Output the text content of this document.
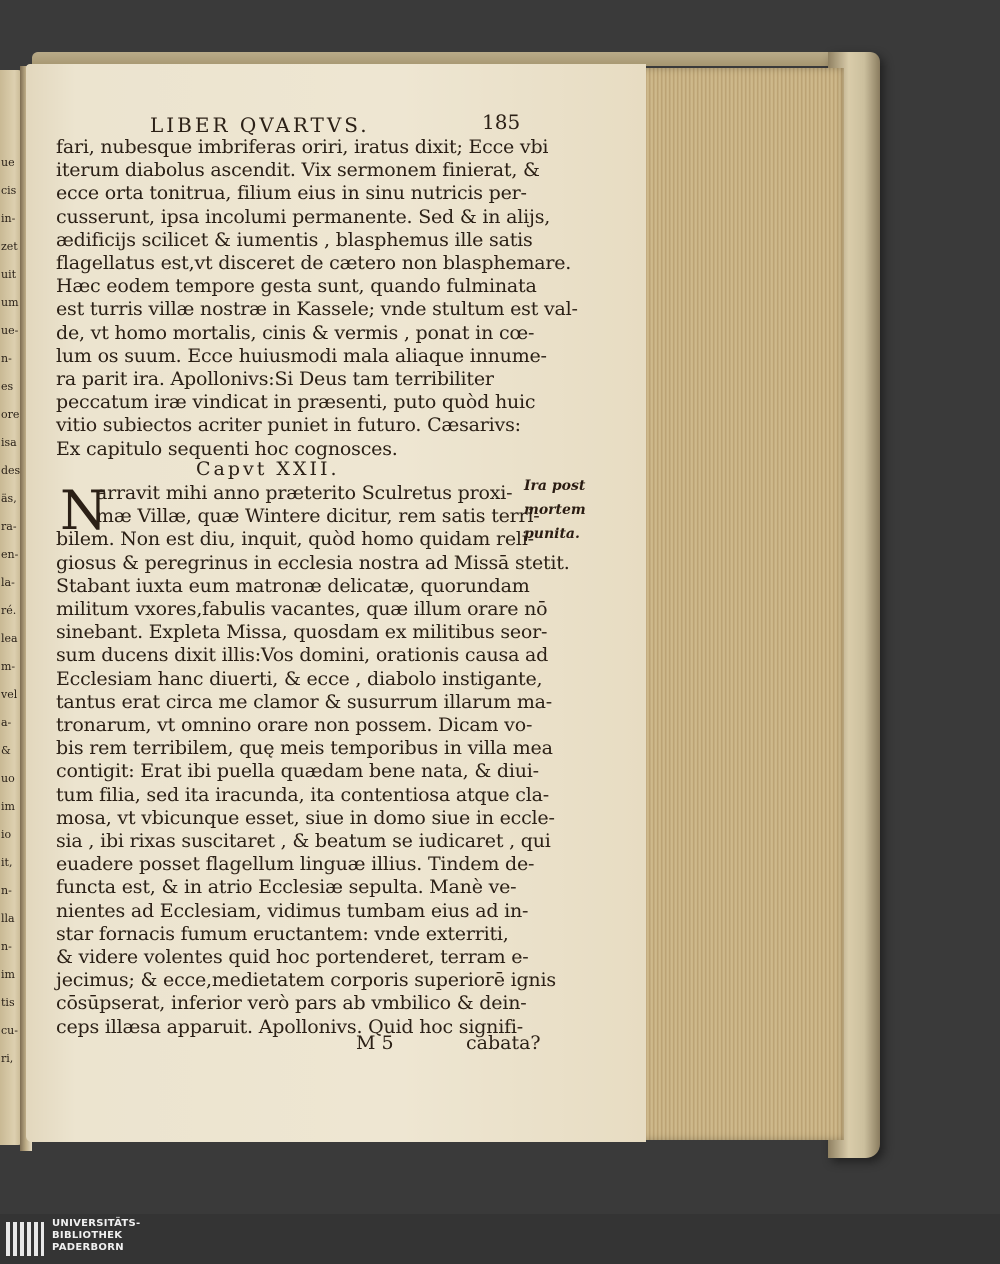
ue
cis
in-
zet
uit
um
ue-
n-
es
ore
isa
des
äs,
ra-
en-
la-
ré.
lea
m-
vel
a-
&
uo
im
io
it,
n-
lla
n-
im
tis
cu-
ri,
LIBER QVARTVS.	185
fari, nubesque imbriferas oriri, iratus dixit; Ecce vbi
iterum diabolus ascendit. Vix sermonem finierat, &
ecce orta tonitrua, filium eius in sinu nutricis per-
cusserunt, ipsa incolumi permanente. Sed & in alijs,
ædificijs scilicet & iumentis , blasphemus ille satis
flagellatus est,vt disceret de cætero non blasphemare.
Hæc eodem tempore gesta sunt, quando fulminata
est turris villæ nostræ in Kassele; vnde stultum est val-
de, vt homo mortalis, cinis & vermis , ponat in cœ-
lum os suum. Ecce huiusmodi mala aliaque innume-
ra parit ira. Apollonivs:Si Deus tam terribiliter
peccatum iræ vindicat in præsenti, puto quòd huic
vitio subiectos acriter puniet in futuro. Cæsarivs:
Ex capitulo sequenti hoc cognosces.
Capvt XXII.
N
arravit mihi anno præterito Sculretus proxi-
mæ Villæ, quæ Wintere dicitur, rem satis terri-
bilem. Non est diu, inquit, quòd homo quidam reli-
giosus & peregrinus in ecclesia nostra ad Missā stetit.
Stabant iuxta eum matronæ delicatæ, quorundam
militum vxores,fabulis vacantes, quæ illum orare nō
sinebant. Expleta Missa, quosdam ex militibus seor-
sum ducens dixit illis:Vos domini, orationis causa ad
Ecclesiam hanc diuerti, & ecce , diabolo instigante,
tantus erat circa me clamor & susurrum illarum ma-
tronarum, vt omnino orare non possem. Dicam vo-
bis rem terribilem, quę meis temporibus in villa mea
contigit: Erat ibi puella quædam bene nata, & diui-
tum filia, sed ita iracunda, ita contentiosa atque cla-
mosa, vt vbicunque esset, siue in domo siue in eccle-
sia , ibi rixas suscitaret , & beatum se iudicaret , qui
euadere posset flagellum linguæ illius. Tindem de-
functa est, & in atrio Ecclesiæ sepulta. Manè ve-
nientes ad Ecclesiam, vidimus tumbam eius ad in-
star fornacis fumum eructantem: vnde exterriti,
& videre volentes quid hoc portenderet, terram e-
jecimus; & ecce,medietatem corporis superiorē ignis
cōsūpserat, inferior verò pars ab vmbilico & dein-
ceps illæsa apparuit. Apollonivs. Quid hoc signifi-
Ira post
mortem
punita.
M 5	cabata?
UNIVERSITÄTS-
BIBLIOTHEK
PADERBORN
